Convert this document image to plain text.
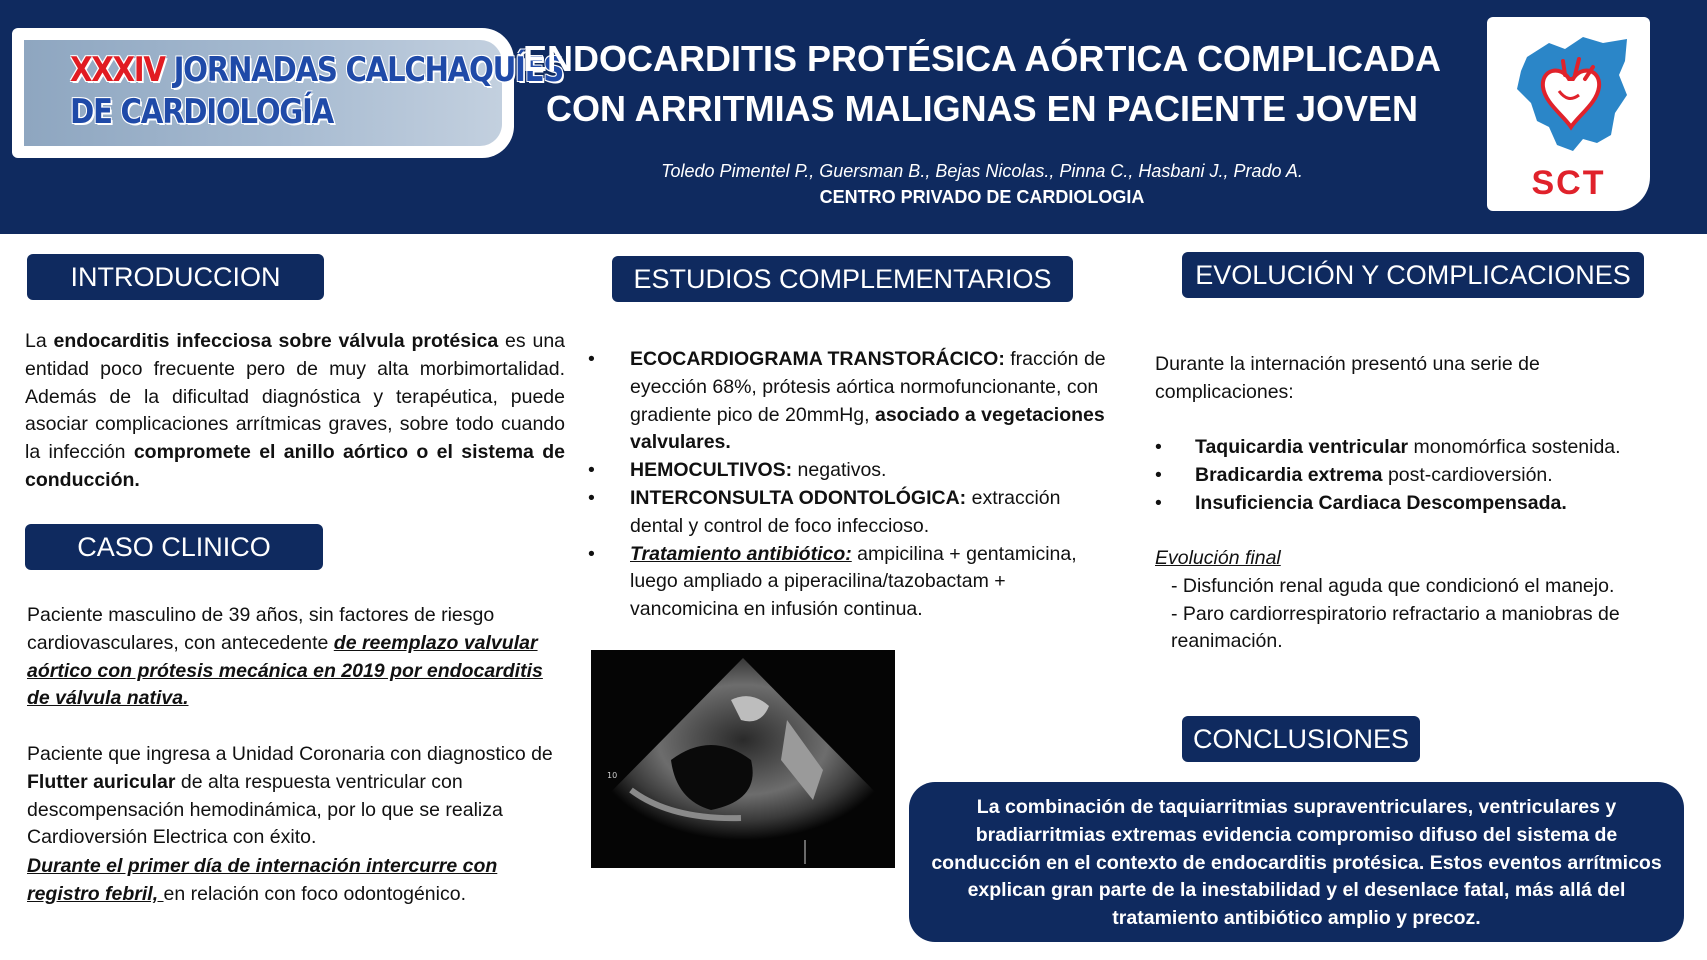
XXXIV JORNADAS CALCHAQUÍES
DE CARDIOLOGÍA
ENDOCARDITIS PROTÉSICA AÓRTICA COMPLICADA
CON ARRITMIAS MALIGNAS EN PACIENTE JOVEN
Toledo Pimentel P., Guersman B., Bejas Nicolas., Pinna C., Hasbani J., Prado A.
CENTRO PRIVADO DE CARDIOLOGIA	SCT
INTRODUCCION
La endocarditis infecciosa sobre válvula protésica es una entidad poco frecuente pero de muy alta morbimortalidad. Además de la dificultad diagnóstica y terapéutica, puede asociar complicaciones arrítmicas graves, sobre todo cuando la infección compromete el anillo aórtico o el sistema de conducción.
CASO CLINICO
Paciente masculino de 39 años, sin factores de riesgo cardiovasculares, con antecedente de reemplazo valvular aórtico con prótesis mecánica en 2019 por endocarditis de válvula nativa.
Paciente que ingresa a Unidad Coronaria con diagnostico de Flutter auricular de alta respuesta ventricular con descompensación hemodinámica, por lo que se realiza Cardioversión Electrica con éxito.
Durante el primer día de internación intercurre con registro febril, en relación con foco odontogénico.
ESTUDIOS COMPLEMENTARIOS
• ECOCARDIOGRAMA TRANSTORÁCICO: fracción de eyección 68%, prótesis aórtica normofuncionante, con gradiente pico de 20mmHg, asociado a vegetaciones valvulares.
• HEMOCULTIVOS: negativos.
• INTERCONSULTA ODONTOLÓGICA: extracción dental y control de foco infeccioso.
• Tratamiento antibiótico: ampicilina + gentamicina, luego ampliado a piperacilina/tazobactam + vancomicina en infusión continua.
10
EVOLUCIÓN Y COMPLICACIONES
Durante la internación presentó una serie de complicaciones:
• Taquicardia ventricular monomórfica sostenida.
• Bradicardia extrema post-cardioversión.
• Insuficiencia Cardiaca Descompensada.
Evolución final
- Disfunción renal aguda que condicionó el manejo.
- Paro cardiorrespiratorio refractario a maniobras de reanimación.
CONCLUSIONES
La combinación de taquiarritmias supraventriculares, ventriculares y bradiarritmias extremas evidencia compromiso difuso del sistema de conducción en el contexto de endocarditis protésica. Estos eventos arrítmicos explican gran parte de la inestabilidad y el desenlace fatal, más allá del tratamiento antibiótico amplio y precoz.
